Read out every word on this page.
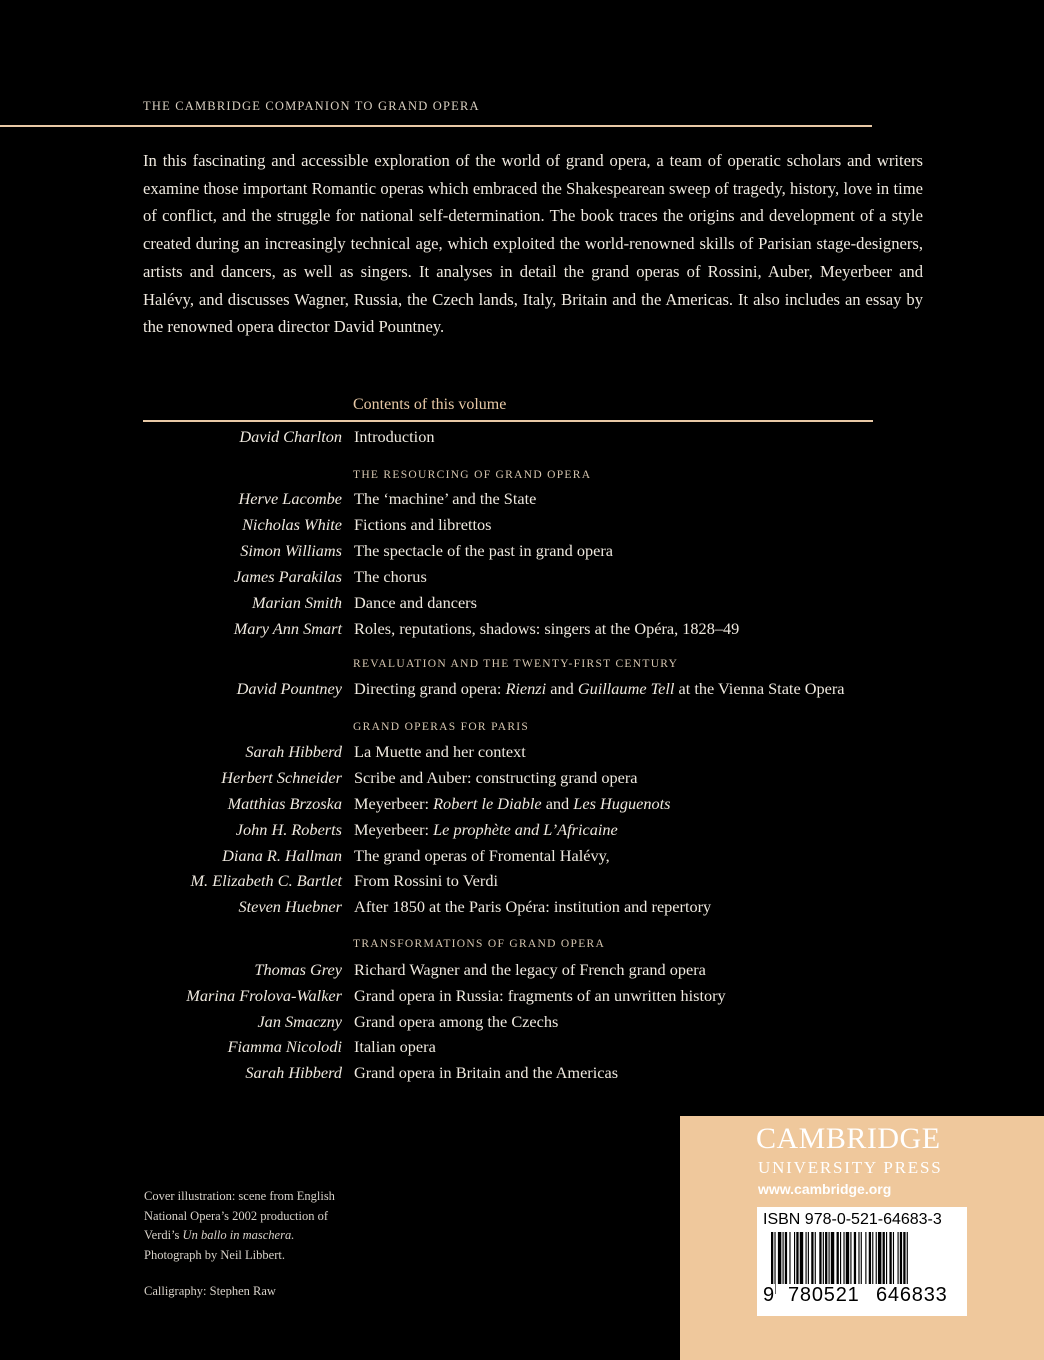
THE CAMBRIDGE COMPANION TO GRAND OPERA
In this fascinating and accessible exploration of the world of grand opera, a team of operatic scholars and writers examine those important Romantic operas which embraced the Shakespearean sweep of tragedy, history, love in time of conflict, and the struggle for national self-determination. The book traces the origins and development of a style created during an increasingly technical age, which exploited the world-renowned skills of Parisian stage-designers, artists and dancers, as well as singers. It analyses in detail the grand operas of Rossini, Auber, Meyerbeer and Halévy, and discusses Wagner, Russia, the Czech lands, Italy, Britain and the Americas. It also includes an essay by the renowned opera director David Pountney.
Contents of this volume
David Charlton Introduction
THE RESOURCING OF GRAND OPERA
Herve Lacombe The ‘machine’ and the State
Nicholas White Fictions and librettos
Simon Williams The spectacle of the past in grand opera
James Parakilas The chorus
Marian Smith Dance and dancers
Mary Ann Smart Roles, reputations, shadows: singers at the Opéra, 1828–49
REVALUATION AND THE TWENTY-FIRST CENTURY
David Pountney Directing grand opera: Rienzi and Guillaume Tell at the Vienna State Opera
GRAND OPERAS FOR PARIS
Sarah Hibberd La Muette and her context
Herbert Schneider Scribe and Auber: constructing grand opera
Matthias Brzoska Meyerbeer: Robert le Diable and Les Huguenots
John H. Roberts Meyerbeer: Le prophète and L’Africaine
Diana R. Hallman The grand operas of Fromental Halévy,
M. Elizabeth C. Bartlet From Rossini to Verdi
Steven Huebner After 1850 at the Paris Opéra: institution and repertory
TRANSFORMATIONS OF GRAND OPERA
Thomas Grey Richard Wagner and the legacy of French grand opera
Marina Frolova-Walker Grand opera in Russia: fragments of an unwritten history
Jan Smaczny Grand opera among the Czechs
Fiamma Nicolodi Italian opera
Sarah Hibberd Grand opera in Britain and the Americas
Cover illustration: scene from English
National Opera’s 2002 production of
Verdi’s Un ballo in maschera.
Photograph by Neil Libbert.
Calligraphy: Stephen Raw
CAMBRIDGE
UNIVERSITY PRESS
www.cambridge.org
ISBN 978-0-521-64683-3
9 780521 646833
